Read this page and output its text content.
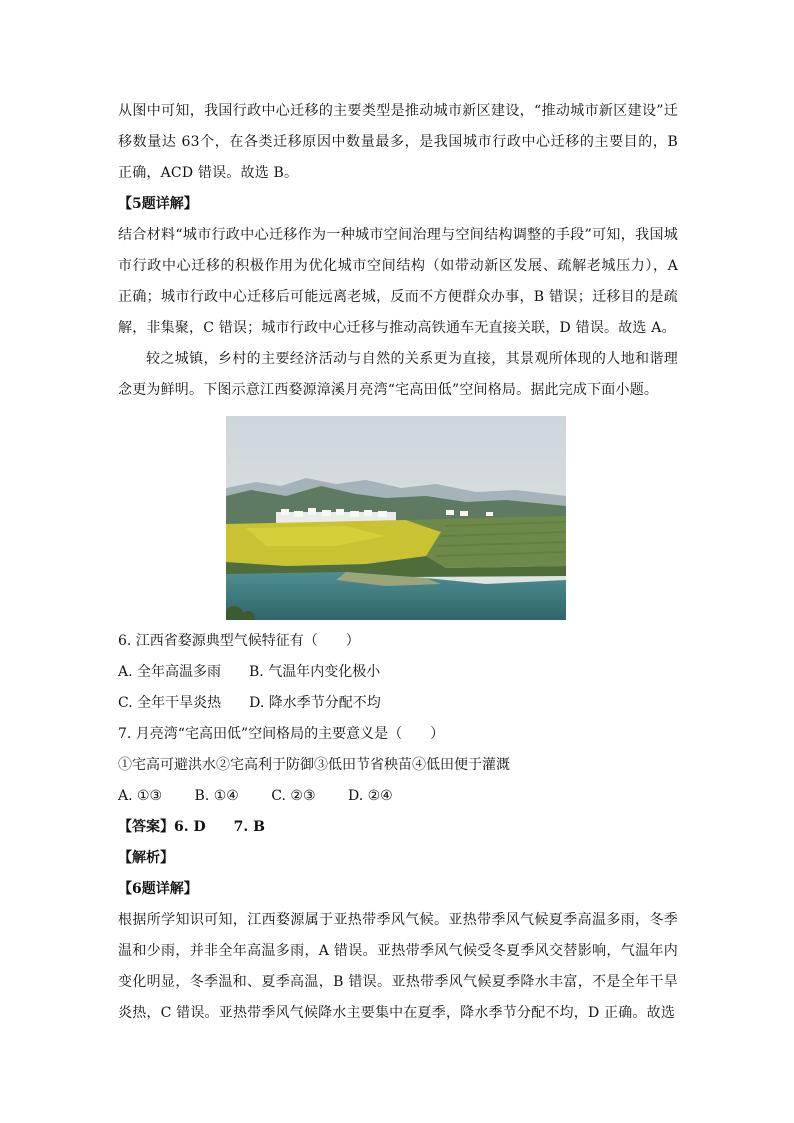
从图中可知，我国行政中心迁移的主要类型是推动城市新区建设，“推动城市新区建设”迁移数量达 63个，在各类迁移原因中数量最多，是我国城市行政中心迁移的主要目的，B 正确，ACD 错误。故选 B。

【5题详解】

结合材料“城市行政中心迁移作为一种城市空间治理与空间结构调整的手段”可知，我国城市行政中心迁移的积极作用为优化城市空间结构（如带动新区发展、疏解老城压力），A 正确；城市行政中心迁移后可能远离老城，反而不方便群众办事，B 错误；迁移目的是疏解，非集聚，C 错误；城市行政中心迁移与推动高铁通车无直接关联，D 错误。故选 A。

较之城镇，乡村的主要经济活动与自然的关系更为直接，其景观所体现的人地和谐理念更为鲜明。下图示意江西婺源漳溪月亮湾“宅高田低”空间格局。据此完成下面小题。

6. 江西省婺源典型气候特征有（　　）

A. 全年高温多雨　　B. 气温年内变化极小

C. 全年干旱炎热　　D. 降水季节分配不均

7. 月亮湾“宅高田低”空间格局的主要意义是（　　）

①宅高可避洪水②宅高利于防御③低田节省秧苗④低田便于灌溉

A. ①③　　 B. ①④　　 C. ②③　　 D. ②④

【答案】6. D　　7. B

【解析】

【6题详解】

根据所学知识可知，江西婺源属于亚热带季风气候。亚热带季风气候夏季高温多雨，冬季温和少雨，并非全年高温多雨，A 错误。亚热带季风气候受冬夏季风交替影响，气温年内变化明显，冬季温和、夏季高温，B 错误。亚热带季风气候夏季降水丰富，不是全年干旱炎热，C 错误。亚热带季风气候降水主要集中在夏季，降水季节分配不均，D 正确。故选
